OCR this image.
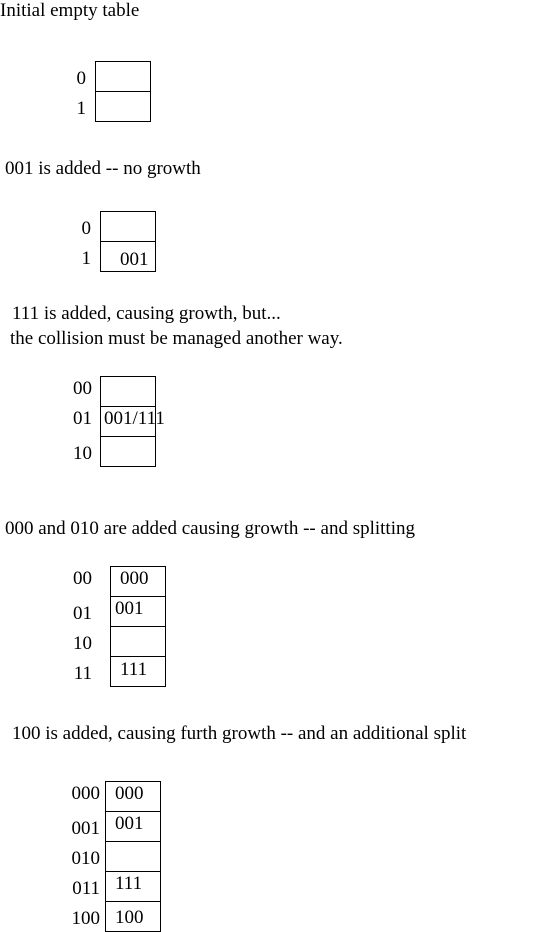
Initial empty table
0
1
001 is added -- no growth
001
0
1
111 is added, causing growth, but...
the collision must be managed another way.
001/111
00
01
10
000 and 010 are added causing growth -- and splitting
000
001
111
00
01
10
11
100 is added, causing furth growth -- and an additional split
000
001
111
100
000
001
010
011
100
